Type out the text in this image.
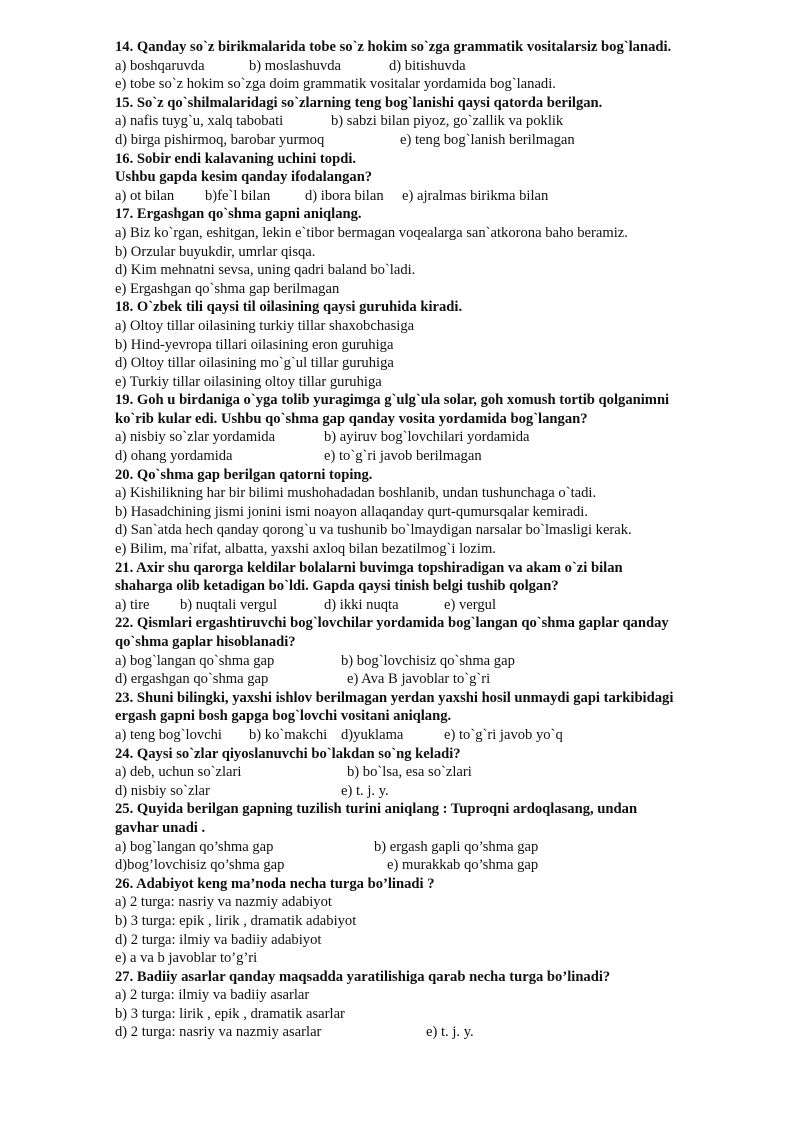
14. Qanday so`z birikmalarida tobe so`z hokim so`zga grammatik vositalarsiz bog`lanadi.
a) boshqaruvda	b) moslashuvda	d) bitishuvda
e) tobe so`z hokim so`zga doim grammatik vositalar yordamida bog`lanadi.
15. So`z qo`shilmalaridagi so`zlarning teng bog`lanishi qaysi qatorda berilgan.
a) nafis tuyg`u, xalq tabobati	b) sabzi bilan piyoz, go`zallik va poklik
d) birga pishirmoq, barobar yurmoq	e) teng bog`lanish berilmagan
16. Sobir endi kalavaning uchini topdi.
Ushbu gapda kesim qanday ifodalangan?
a) ot bilan b)fe`l bilan d) ibora bilan e) ajralmas birikma bilan
17. Ergashgan qo`shma gapni aniqlang.
a) Biz ko`rgan, eshitgan, lekin e`tibor bermagan voqealarga san`atkorona baho beramiz.
b) Orzular buyukdir, umrlar qisqa.
d) Kim mehnatni sevsa, uning qadri baland bo`ladi.
e) Ergashgan qo`shma gap berilmagan
18. O`zbek tili qaysi til oilasining qaysi guruhida kiradi.
a) Oltoy tillar oilasining turkiy tillar shaxobchasiga
b) Hind-yevropa tillari oilasining eron guruhiga
d) Oltoy tillar oilasining mo`g`ul tillar guruhiga
e) Turkiy tillar oilasining oltoy tillar guruhiga
19. Goh u birdaniga o`yga tolib yuragimga g`ulg`ula solar, goh xomush tortib qolganimni
ko`rib kular edi. Ushbu qo`shma gap qanday vosita yordamida bog`langan?
a) nisbiy so`zlar yordamida	b) ayiruv bog`lovchilari yordamida
d) ohang yordamida	e) to`g`ri javob berilmagan
20. Qo`shma gap berilgan qatorni toping.
a) Kishilikning har bir bilimi mushohadadan boshlanib, undan tushunchaga o`tadi.
b) Hasadchining jismi jonini ismi noayon allaqanday qurt-qumursqalar kemiradi.
d) San`atda hech qanday qorong`u va tushunib bo`lmaydigan narsalar bo`lmasligi kerak.
e) Bilim, ma`rifat, albatta, yaxshi axloq bilan bezatilmog`i lozim.
21. Axir shu qarorga keldilar bolalarni buvimga topshiradigan va akam o`zi bilan
shaharga olib ketadigan bo`ldi. Gapda qaysi tinish belgi tushib qolgan?
a) tire b) nuqtali vergul	d) ikki nuqta	e) vergul
22. Qismlari ergashtiruvchi bog`lovchilar yordamida bog`langan qo`shma gaplar qanday
qo`shma gaplar hisoblanadi?
a) bog`langan qo`shma gap	b) bog`lovchisiz qo`shma gap
d) ergashgan qo`shma gap	e) Ava B javoblar to`g`ri
23. Shuni bilingki, yaxshi ishlov berilmagan yerdan yaxshi hosil unmaydi gapi tarkibidagi
ergash gapni bosh gapga bog`lovchi vositani aniqlang.
a) teng bog`lovchi b) ko`makchi d)yuklama	e) to`g`ri javob yo`q
24. Qaysi so`zlar qiyoslanuvchi bo`lakdan so`ng keladi?
a) deb, uchun so`zlari	b) bo`lsa, esa so`zlari
d) nisbiy so`zlar	e) t. j. y.
25. Quyida berilgan gapning tuzilish turini aniqlang : Tuproqni ardoqlasang, undan
gavhar unadi .
a) bog`langan qo’shma gap	b) ergash gapli qo’shma gap
d)bog’lovchisiz qo’shma gap	e) murakkab qo’shma gap
26. Adabiyot keng ma’noda necha turga bo’linadi ?
a) 2 turga: nasriy va nazmiy adabiyot
b) 3 turga: epik , lirik , dramatik adabiyot
d) 2 turga: ilmiy va badiiy adabiyot
e) a va b javoblar to’g’ri
27. Badiiy asarlar qanday maqsadda yaratilishiga qarab necha turga bo’linadi?
a) 2 turga: ilmiy va badiiy asarlar
b) 3 turga: lirik , epik , dramatik asarlar
d) 2 turga: nasriy va nazmiy asarlar	e) t. j. y.
